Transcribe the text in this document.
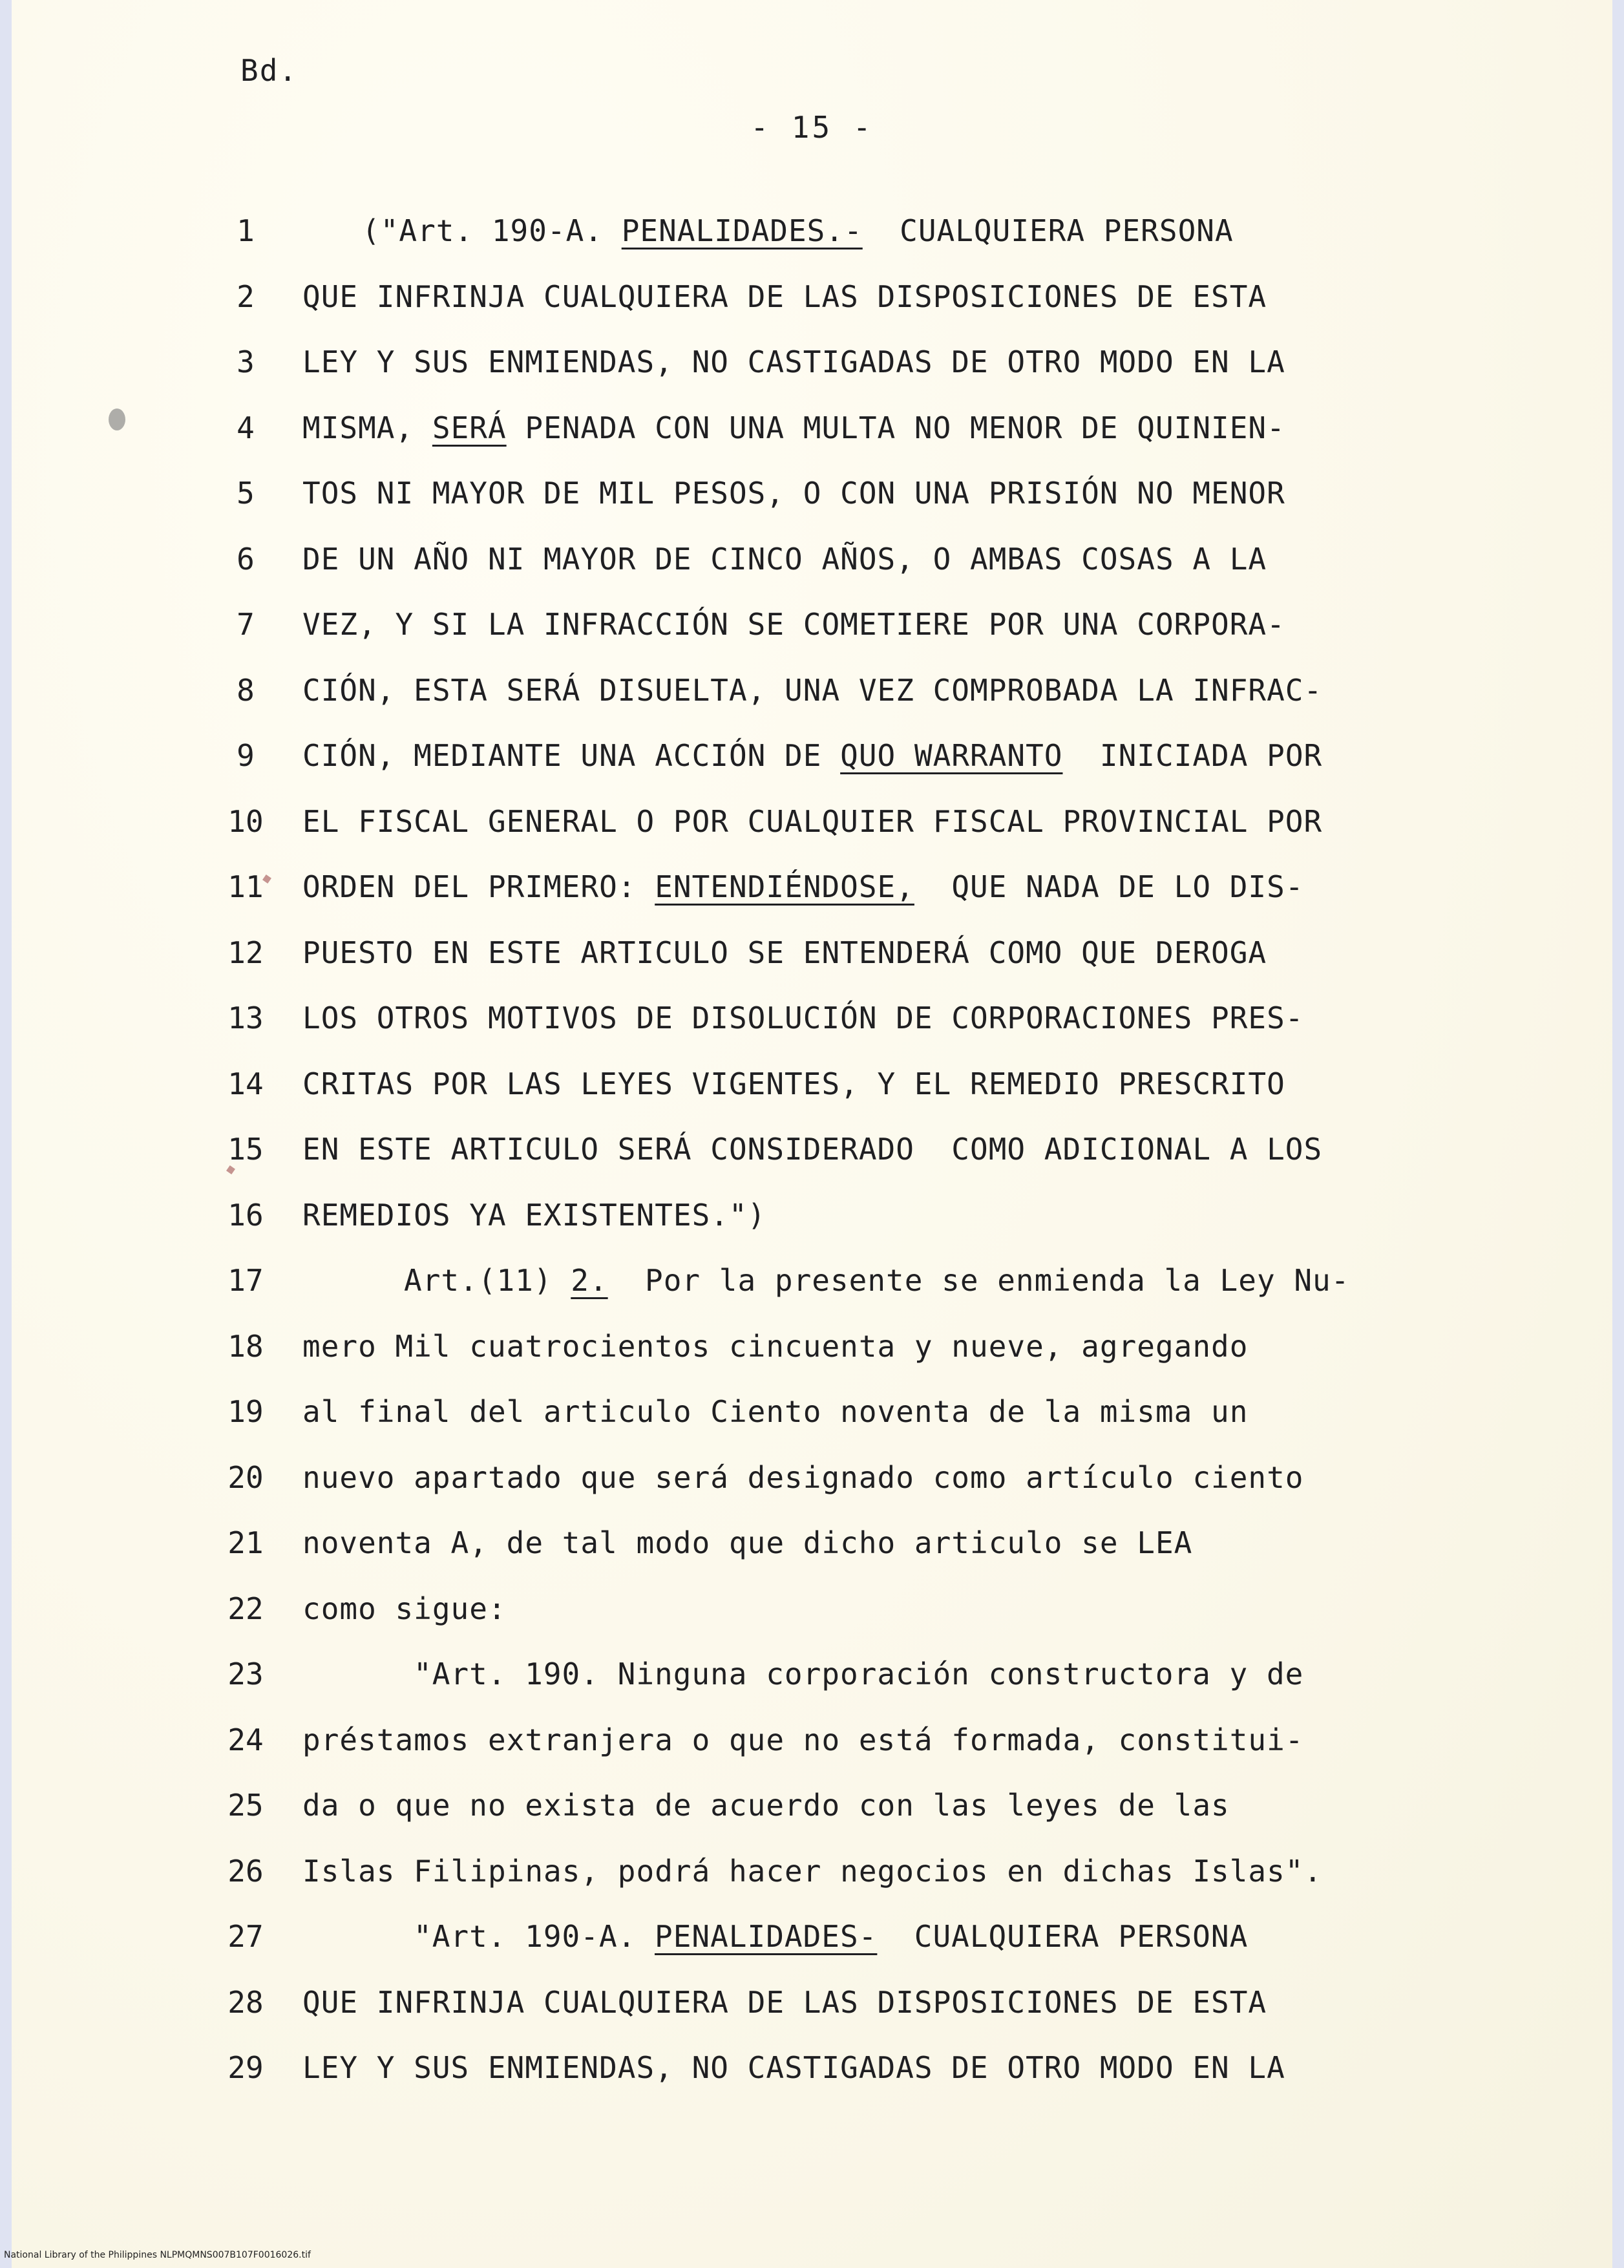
Bd.
- 15 -
1	("Art. 190-A. PENALIDADES.-  CUALQUIERA PERSONA
2	QUE INFRINJA CUALQUIERA DE LAS DISPOSICIONES DE ESTA
3	LEY Y SUS ENMIENDAS, NO CASTIGADAS DE OTRO MODO EN LA
4	MISMA, SERÁ PENADA CON UNA MULTA NO MENOR DE QUINIEN-
5	TOS NI MAYOR DE MIL PESOS, O CON UNA PRISIÓN NO MENOR
6	DE UN AÑO NI MAYOR DE CINCO AÑOS, O AMBAS COSAS A LA
7	VEZ, Y SI LA INFRACCIÓN SE COMETIERE POR UNA CORPORA-
8	CIÓN, ESTA SERÁ DISUELTA, UNA VEZ COMPROBADA LA INFRAC-
9	CIÓN, MEDIANTE UNA ACCIÓN DE QUO WARRANTO  INICIADA POR
10	EL FISCAL GENERAL O POR CUALQUIER FISCAL PROVINCIAL POR
11	ORDEN DEL PRIMERO: ENTENDIÉNDOSE,  QUE NADA DE LO DIS-
12	PUESTO EN ESTE ARTICULO SE ENTENDERÁ COMO QUE DEROGA
13	LOS OTROS MOTIVOS DE DISOLUCIÓN DE CORPORACIONES PRES-
14	CRITAS POR LAS LEYES VIGENTES, Y EL REMEDIO PRESCRITO
15	EN ESTE ARTICULO SERÁ CONSIDERADO  COMO ADICIONAL A LOS
16	REMEDIOS YA EXISTENTES.")
17	Art.(11) 2.  Por la presente se enmienda la Ley Nu-
18	mero Mil cuatrocientos cincuenta y nueve, agregando
19	al final del articulo Ciento noventa de la misma un
20	nuevo apartado que será designado como artículo ciento
21	noventa A, de tal modo que dicho articulo se LEA
22	como sigue:
23	"Art. 190. Ninguna corporación constructora y de
24	préstamos extranjera o que no está formada, constitui-
25	da o que no exista de acuerdo con las leyes de las
26	Islas Filipinas, podrá hacer negocios en dichas Islas".
27	"Art. 190-A. PENALIDADES-  CUALQUIERA PERSONA
28	QUE INFRINJA CUALQUIERA DE LAS DISPOSICIONES DE ESTA
29	LEY Y SUS ENMIENDAS, NO CASTIGADAS DE OTRO MODO EN LA
National Library of the Philippines NLPMQMNS007B107F0016026.tif
